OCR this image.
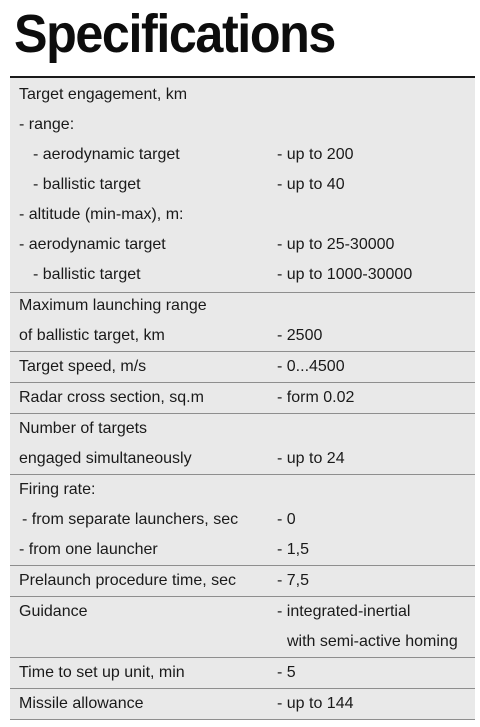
Specifications
Target engagement, km
- range:
- aerodynamic target	- up to 200
- ballistic target	- up to 40
- altitude (min-max), m:
- aerodynamic target	- up to 25-30000
- ballistic target	- up to 1000-30000
Maximum launching range
of ballistic target, km	- 2500
Target speed, m/s	- 0...4500
Radar cross section, sq.m	- form 0.02
Number of targets
engaged simultaneously	- up to 24
Firing rate:
- from separate launchers, sec - 0
- from one launcher	- 1,5
Prelaunch procedure time, sec	- 7,5
Guidance	- integrated-inertial
with semi-active homing
Time to set up unit, min	- 5
Missile allowance	- up to 144
